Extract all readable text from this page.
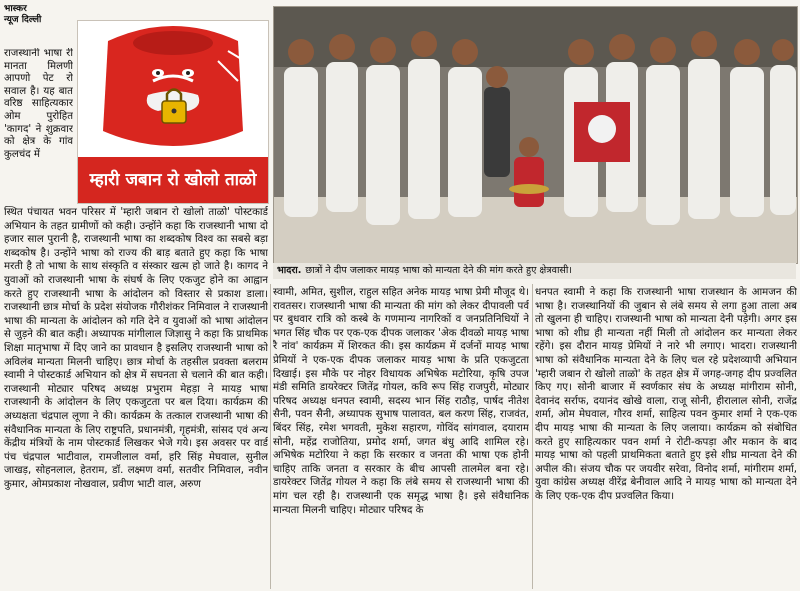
भास्कर
न्यूज दिल्ली

राजस्थानी भाषा री मानता मिलणी आपणो पेट रो सवाल है। यह बात वरिष्ठ साहित्यकार ओम पुरोहित 'कागद' ने शुक्रवार को क्षेत्र के गांव कुलचंद में

म्हारी जबान रो खोलो ताळो
भादरा. छात्रों ने दीप जलाकर मायड़ भाषा को मान्यता देने की मांग करते हुए क्षेत्रवासी।

स्थित पंचायत भवन परिसर में 'म्हारी जबान रो खोलो ताळो' पोस्टकार्ड अभियान के तहत ग्रामीणों को कही। उन्होंने कहा कि राजस्थानी भाषा दो हजार साल पुरानी है, राजस्थानी भाषा का शब्दकोष विश्व का सबसे बड़ा शब्दकोष है। उन्होंने भाषा को राज्य की बाड़ बताते हुए कहा कि भाषा मरती है तो भाषा के साथ संस्कृति व संस्कार खत्म हो जाते है। कागद ने युवाओं को राजस्थानी भाषा के संघर्ष के लिए एकजुट होने का आह्वान करते हुए राजस्थानी भाषा के आंदोलन को विस्तार से प्रकाश डाला। राजस्थानी छात्र मोर्चा के प्रदेश संयोजक गौरीशंकर निमिवाल ने राजस्थानी भाषा की मान्यता के आंदोलन को गति देने व युवाओं को भाषा आंदोलन से जुड़ने की बात कही। अध्यापक मांगीलाल जिज्ञासु ने कहा कि प्राथमिक शिक्षा मातृभाषा में दिए जाने का प्रावधान है इसलिए राजस्थानी भाषा को अविलंब मान्यता मिलनी चाहिए। छात्र मोर्चा के तहसील प्रवक्ता बलराम स्वामी ने पोस्टकार्ड अभियान को क्षेत्र में सघनता से चलाने की बात कही। राजस्थानी मोट्यार परिषद अध्यक्ष प्रभुराम मेहड़ा ने मायड़ भाषा राजस्थानी के आंदोलन के लिए एकजुटता पर बल दिया। कार्यक्रम की अध्यक्षता चंद्रपाल लूणा ने की। कार्यक्रम के तत्काल राजस्थानी भाषा की संवैधानिक मान्यता के लिए राष्ट्रपति, प्रधानमंत्री, गृहमंत्री, सांसद एवं अन्य केंद्रीय मंत्रियों के नाम पोस्टकार्ड लिखकर भेजे गये। इस अवसर पर वार्ड पंच चंद्रपाल भाटीवाल, रामजीलाल वर्मा, हरि सिंह मेघवाल, सुनील जाखड़, सोहनलाल, हेतराम, डॉ. लक्ष्मण वर्मा, सतवीर निमिवाल, नवीन कुमार, ओमप्रकाश नोखवाल, प्रवीण भाटी वाल, अरुण

स्वामी, अमित, सुशील, राहुल सहित अनेक मायड़ भाषा प्रेमी मौजूद थे। रावतसर। राजस्थानी भाषा की मान्यता की मांग को लेकर दीपावली पर्व पर बुधवार रात्रि को कस्बे के गणमान्य नागरिकों व जनप्रतिनिधियों ने भगत सिंह चौक पर एक-एक दीपक जलाकर 'अेक दीवळो मायड़ भाषा रै नांव' कार्यक्रम में शिरकत की। इस कार्यक्रम में दर्जनों मायड़ भाषा प्रेमियों ने एक-एक दीपक जलाकर मायड़ भाषा के प्रति एकजुटता दिखाई। इस मौके पर नोहर विधायक अभिषेक मटोरिया, कृषि उपज मंडी समिति डायरेक्टर जितेंद्र गोयल, कवि रूप सिंह राजपुरी, मोट्यार परिषद अध्यक्ष धनपत स्वामी, सदस्य भान सिंह राठौड़, पार्षद नीतेश सैनी, पवन सैनी, अध्यापक सुभाष पालावत, बल करण सिंह, राजवंत, बिंदर सिंह, रमेश भगवती, मुकेश सहारण, गोविंद सांगवाल, दयाराम सोनी, महेंद्र राजोतिया, प्रमोद शर्मा, जगत बंधु आदि शामिल रहे। अभिषेक मटोरिया ने कहा कि सरकार व जनता की भाषा एक होनी चाहिए ताकि जनता व सरकार के बीच आपसी तालमेल बना रहे। डायरेक्टर जितेंद्र गोयल ने कहा कि लंबे समय से राजस्थानी भाषा की मांग चल रही है। राजस्थानी एक समृद्ध भाषा है। इसे संवैधानिक मान्यता मिलनी चाहिए। मोट्यार परिषद के

धनपत स्वामी ने कहा कि राजस्थानी भाषा राजस्थान के आमजन की भाषा है। राजस्थानियों की जुबान से लंबे समय से लगा हुआ ताला अब तो खुलना ही चाहिए। राजस्थानी भाषा को मान्यता देनी पड़ेगी। अगर इस भाषा को शीघ्र ही मान्यता नहीं मिली तो आंदोलन कर मान्यता लेकर रहेंगे। इस दौरान मायड़ प्रेमियों ने नारे भी लगाए। भादरा। राजस्थानी भाषा को संवैधानिक मान्यता देने के लिए चल रहे प्रदेशव्यापी अभियान 'म्हारी जबान रो खोलो ताळो' के तहत क्षेत्र में जगह-जगह दीप प्रज्वलित किए गए। सोनी बाजार में स्वर्णकार संघ के अध्यक्ष मांगीराम सोनी, देवानंद सर्राफ, दयानंद खोखे वाला, राजू सोनी, हीरालाल सोनी, राजेंद्र शर्मा, ओम मेघवाल, गौरव शर्मा, साहित्य पवन कुमार शर्मा ने एक-एक दीप मायड़ भाषा की मान्यता के लिए जलाया। कार्यक्रम को संबोधित करते हुए साहित्यकार पवन शर्मा ने रोटी-कपड़ा और मकान के बाद मायड़ भाषा को पहली प्राथमिकता बताते हुए इसे शीघ्र मान्यता देने की अपील की। संजय चौक पर जयवीर सरेवा, विनोद शर्मा, मांगीराम शर्मा, युवा कांग्रेस अध्यक्ष वीरेंद्र बेनीवाल आदि ने मायड़ भाषा को मान्यता देने के लिए एक-एक दीप प्रज्वलित किया।
